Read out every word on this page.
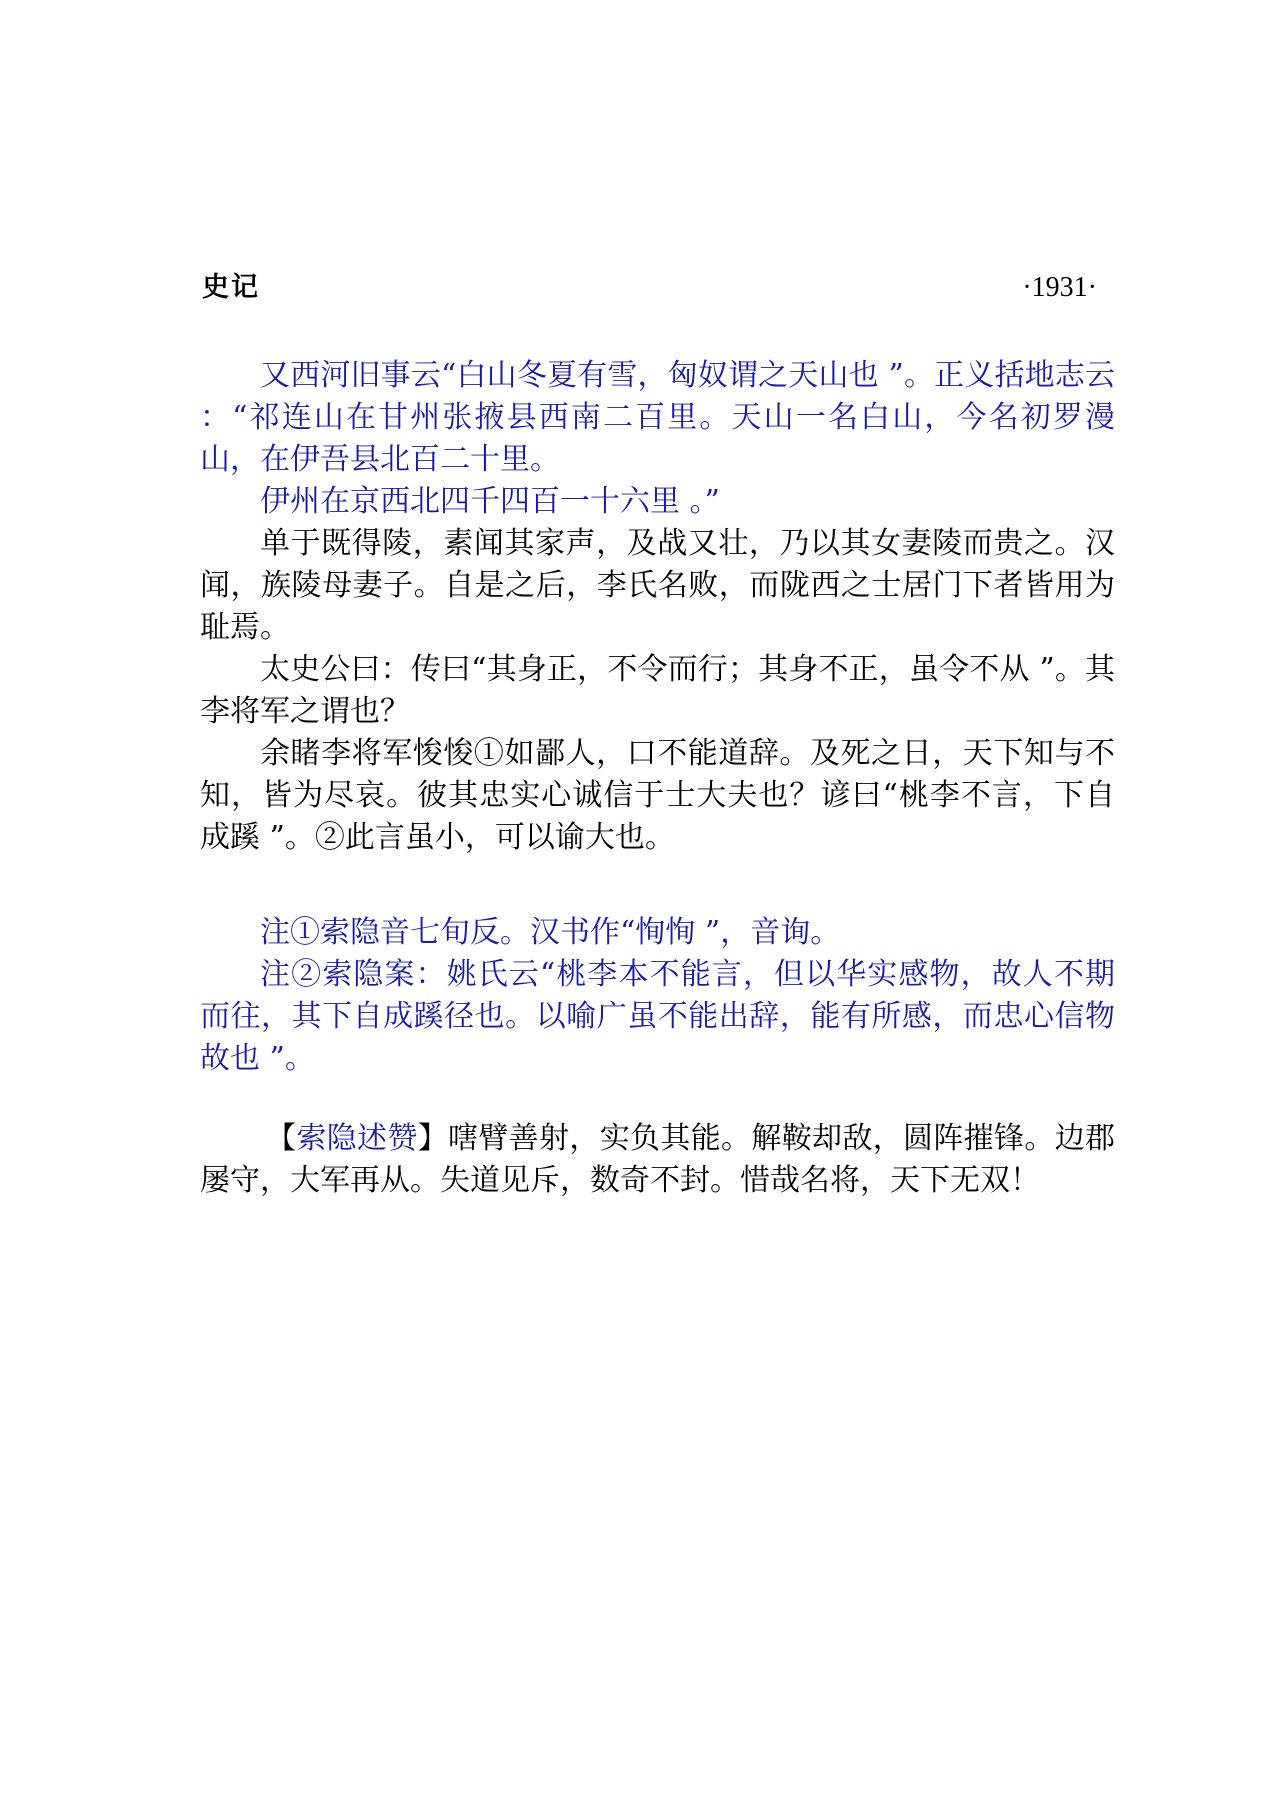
史记	·1931·

又西河旧事云“白山冬夏有雪，匈奴谓之天山也 ”。正义括地志云 ：“祁连山在甘州张掖县西南二百里。天山一名白山，今名初罗漫山，在伊吾县北百二十里。

伊州在京西北四千四百一十六里 。”

单于既得陵，素闻其家声，及战又壮，乃以其女妻陵而贵之。汉闻，族陵母妻子。自是之后，李氏名败，而陇西之士居门下者皆用为耻焉。

太史公曰：传曰“其身正，不令而行；其身不正，虽令不从 ”。其李将军之谓也？

余睹李将军悛悛①如鄙人，口不能道辞。及死之日，天下知与不知，皆为尽哀。彼其忠实心诚信于士大夫也？谚曰“桃李不言，下自成蹊 ”。②此言虽小，可以谕大也。

注①索隐音七旬反。汉书作“恂恂 ”，音询。

注②索隐案：姚氏云“桃李本不能言，但以华实感物，故人不期而往，其下自成蹊径也。以喻广虽不能出辞，能有所感，而忠心信物故也 ”。

【索隐述赞】嗐臂善射，实负其能。解鞍却敌，圆阵摧锋。边郡屡守，大军再从。失道见斥，数奇不封。惜哉名将，天下无双！
